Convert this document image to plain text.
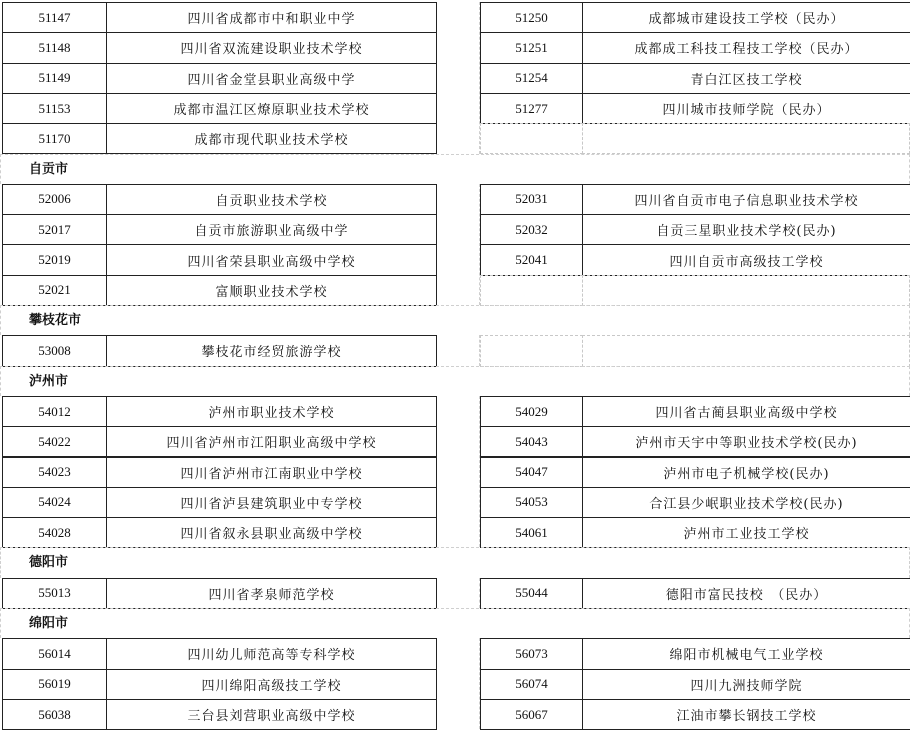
51147	四川省成都市中和职业中学	51250	成都城市建设技工学校（民办）
51148	四川省双流建设职业技术学校	51251	成都成工科技工程技工学校（民办）
51149	四川省金堂县职业高级中学	51254	青白江区技工学校
51153	成都市温江区燎原职业技术学校	51277	四川城市技师学院（民办）
51170	成都市现代职业技术学校
自贡市
52006	自贡职业技术学校	52031	四川省自贡市电子信息职业技术学校
52017	自贡市旅游职业高级中学	52032	自贡三星职业技术学校(民办)
52019	四川省荣县职业高级中学校	52041	四川自贡市高级技工学校
52021	富顺职业技术学校
攀枝花市
53008	攀枝花市经贸旅游学校
泸州市
54012	泸州市职业技术学校	54029	四川省古蔺县职业高级中学校
54022	四川省泸州市江阳职业高级中学校	54043	泸州市天宇中等职业技术学校(民办)
54023	四川省泸州市江南职业中学校	54047	泸州市电子机械学校(民办)
54024	四川省泸县建筑职业中专学校	54053	合江县少岷职业技术学校(民办)
54028	四川省叙永县职业高级中学校	54061	泸州市工业技工学校
德阳市
55013	四川省孝泉师范学校	55044	德阳市富民技校　（民办）
绵阳市
56014	四川幼儿师范高等专科学校	56073	绵阳市机械电气工业学校
56019	四川绵阳高级技工学校	56074	四川九洲技师学院
56038	三台县刘营职业高级中学校	56067	江油市攀长钢技工学校
